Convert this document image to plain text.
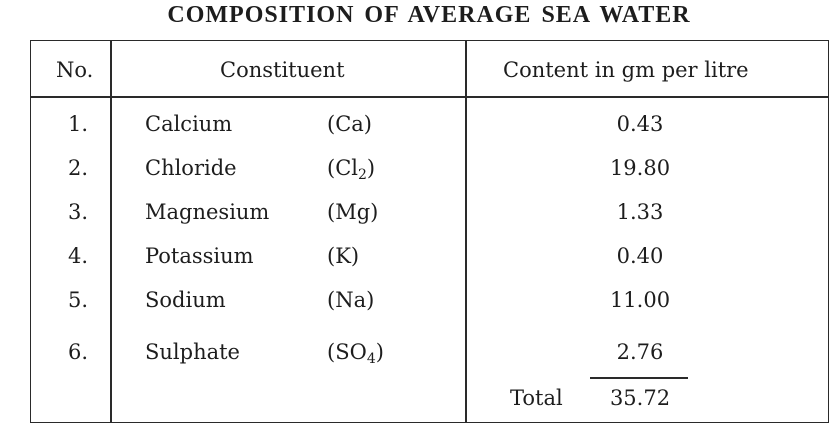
COMPOSITION OF AVERAGE SEA WATER
No.	Constituent	Content in gm per litre
1.	Calcium	(Ca)	0.43
2.	Chloride	$(Cl_2)$	19.80
3.	Magnesium	(Mg)	1.33
4.	Potassium	(K)	0.40
5.	Sodium	(Na)	11.00
6.	Sulphate	$(SO_4)$	2.76
Total	35.72
